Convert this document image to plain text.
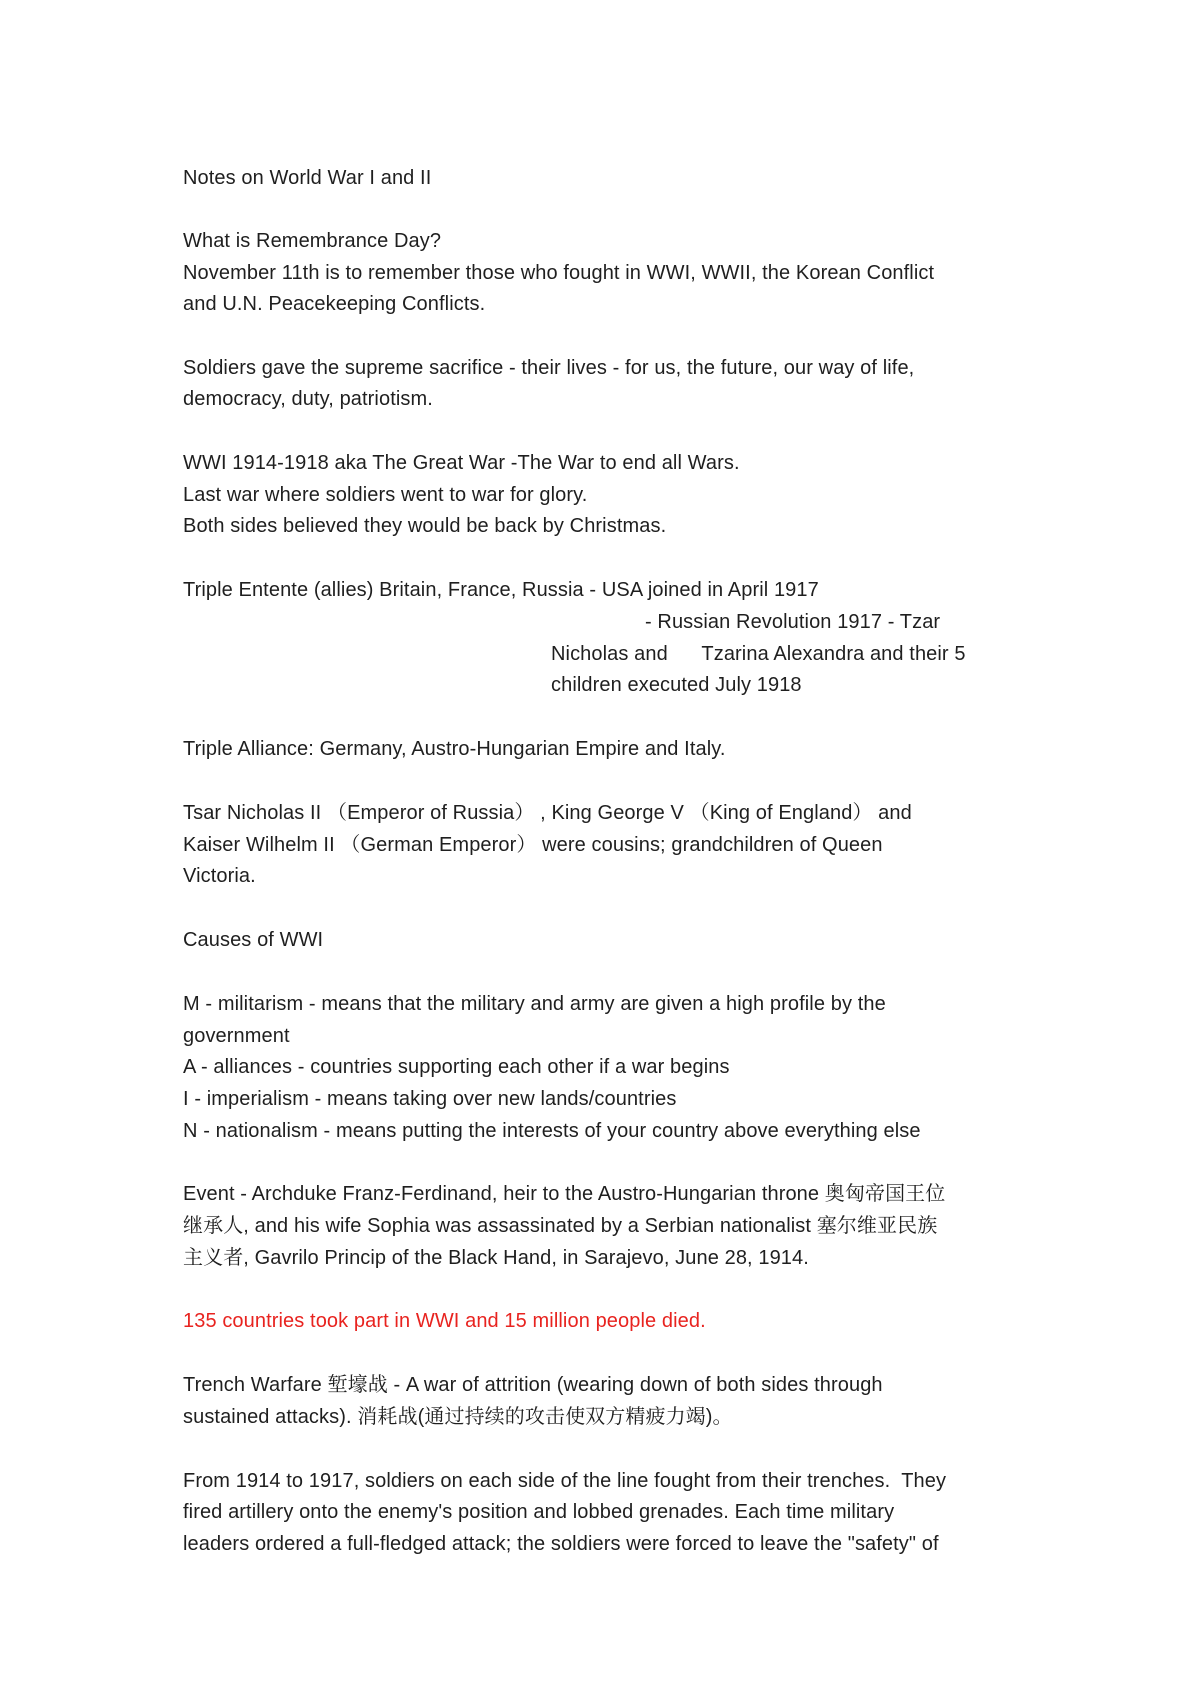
Notes on World War I and II
What is Remembrance Day?
November 11th is to remember those who fought in WWI, WWII, the Korean Conflict
and U.N. Peacekeeping Conflicts.
Soldiers gave the supreme sacrifice - their lives - for us, the future, our way of life,
democracy, duty, patriotism.
WWI 1914-1918 aka The Great War -The War to end all Wars.
Last war where soldiers went to war for glory.
Both sides believed they would be back by Christmas.
Triple Entente (allies) Britain, France, Russia - USA joined in April 1917
- Russian Revolution 1917 - Tzar
Nicholas and      Tzarina Alexandra and their 5
children executed July 1918
Triple Alliance: Germany, Austro-Hungarian Empire and Italy.
Tsar Nicholas II （Emperor of Russia） , King George V （King of England） and
Kaiser Wilhelm II （German Emperor） were cousins; grandchildren of Queen
Victoria.
Causes of WWI
M - militarism - means that the military and army are given a high profile by the
government
A - alliances - countries supporting each other if a war begins
I - imperialism - means taking over new lands/countries
N - nationalism - means putting the interests of your country above everything else
Event - Archduke Franz-Ferdinand, heir to the Austro-Hungarian throne 奥匈帝国王位
继承人, and his wife Sophia was assassinated by a Serbian nationalist 塞尔维亚民族
主义者, Gavrilo Princip of the Black Hand, in Sarajevo, June 28, 1914.
135 countries took part in WWI and 15 million people died.
Trench Warfare 堑壕战 - A war of attrition (wearing down of both sides through
sustained attacks). 消耗战(通过持续的攻击使双方精疲力竭)。
From 1914 to 1917, soldiers on each side of the line fought from their trenches.  They
fired artillery onto the enemy's position and lobbed grenades. Each time military
leaders ordered a full-fledged attack; the soldiers were forced to leave the "safety" of
